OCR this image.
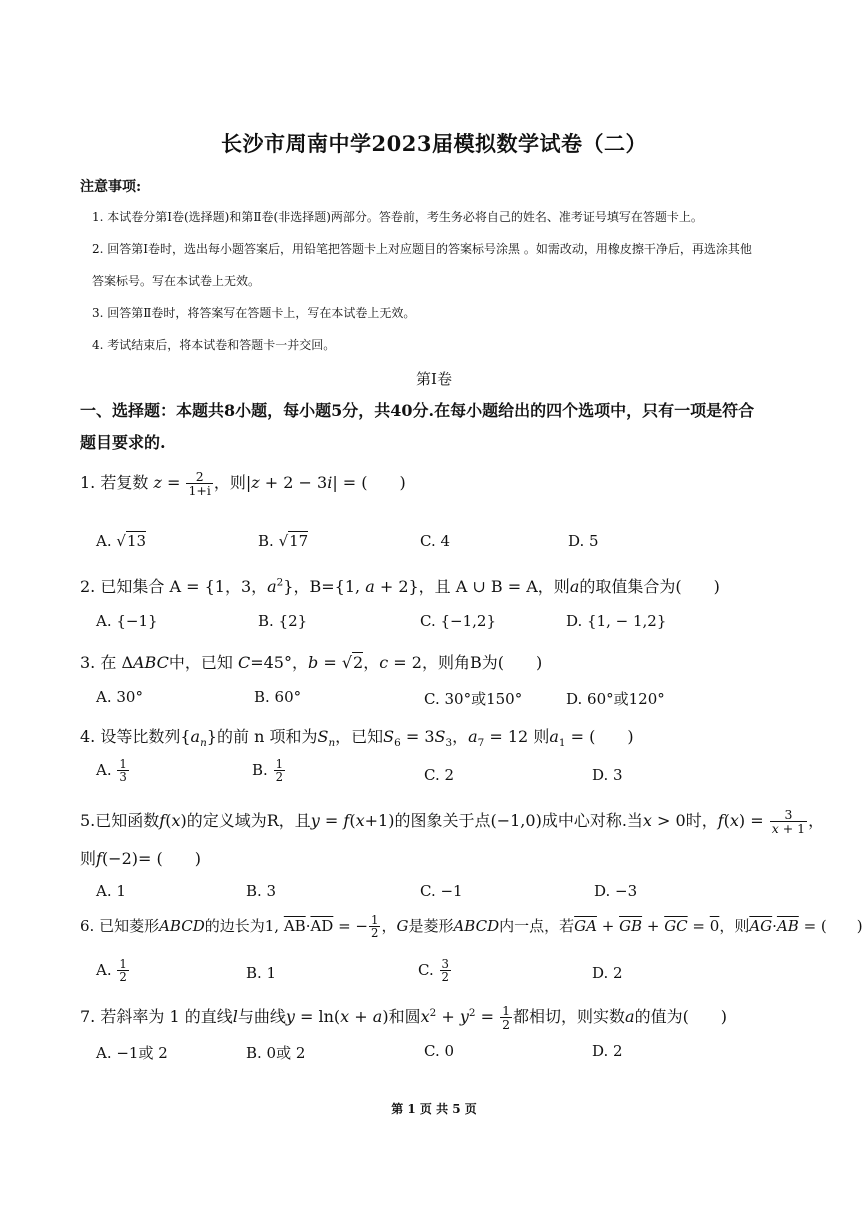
长沙市周南中学2023届模拟数学试卷（二）
注意事项:
1. 本试卷分第Ⅰ卷(选择题)和第Ⅱ卷(非选择题)两部分。答卷前，考生务必将自己的姓名、准考证号填写在答题卡上。
2. 回答第Ⅰ卷时，选出每小题答案后，用铅笔把答题卡上对应题目的答案标号涂黑 。如需改动，用橡皮擦干净后，再选涂其他
答案标号。写在本试卷上无效。
3. 回答第Ⅱ卷时，将答案写在答题卡上，写在本试卷上无效。
4. 考试结束后，将本试卷和答题卡一并交回。
第Ⅰ卷
一、选择题：本题共8小题，每小题5分，共40分.在每小题给出的四个选项中，只有一项是符合
题目要求的.
1. 若复数 $z = \frac{2}{1+i}$ ，则|z + 2 − 3i| = (　　)
A. √13	B. √17	C. 4	D. 5
2. 已知集合 A = {1，3，$a^2$}，B={1, a + 2}，且 A ∪ B = A，则a的取值集合为(　　)
A. {−1}	B. {2}	C. {−1,2}	D. {1, − 1,2}
3. 在 ΔABC中，已知 C=45°，b = √2，c = 2，则角B为(　　)
A. 30°	B. 60°	C. 30°或150°	D. 60°或120°
4. 设等比数列$\{a_n\}$的前 n 项和为$S_n$，已知$S_6 = 3S_3$，$a_7 = 12$ 则$a_1$ = (　　)
A. $\frac{1}{3}$	B. $\frac{1}{2}$	C. 2	D. 3
5.已知函数f(x)的定义域为R，且y = f(x+1)的图象关于点(−1,0)成中心对称.当x > 0时，$f(x) = \frac{3}{x + 1}$ ，
则f(−2)= (　　)
A. 1	B. 3	C. −1	D. −3
6. 已知菱形ABCD的边长为1, $\overline{AB}\cdot\overline{AD}$ = − $\frac{1}{2}$ ，G是菱形ABCD内一点，若$\overline{GA} + \overline{GB} + \overline{GC} = 0$，则$\overline{AG}\cdot\overline{AB}$ = (　　)
A. $\frac{1}{2}$	B. 1	C. $\frac{3}{2}$	D. 2
7. 若斜率为 1 的直线l与曲线y = ln(x + a)和圆$x^2 + y^2 = \frac{1}{2}$ 都相切，则实数a的值为(　　)
A. −1或 2	B. 0或 2	C. 0	D. 2
第 1 页 共 5 页
